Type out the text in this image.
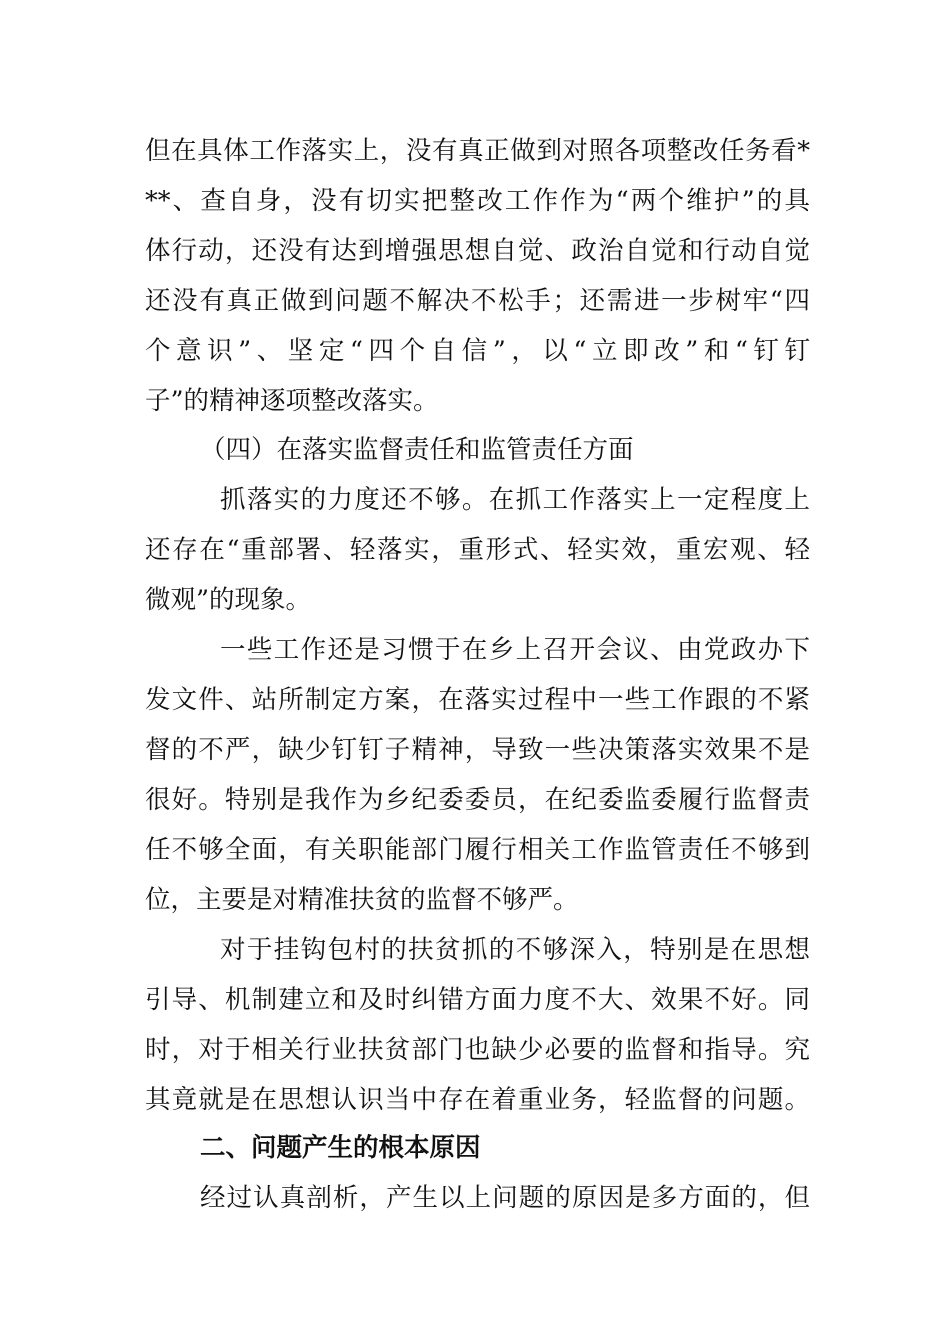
但在具体工作落实上，没有真正做到对照各项整改任务看*
**、查自身，没有切实把整改工作作为“两个维护”的具
体行动，还没有达到增强思想自觉、政治自觉和行动自觉
还没有真正做到问题不解决不松手；还需进一步树牢“四
个意识”、坚定“四个自信”，以“立即改”和“钉钉
子”的精神逐项整改落实。
（四）在落实监督责任和监管责任方面
抓落实的力度还不够。在抓工作落实上一定程度上
还存在“重部署、轻落实，重形式、轻实效，重宏观、轻
微观”的现象。
一些工作还是习惯于在乡上召开会议、由党政办下
发文件、站所制定方案，在落实过程中一些工作跟的不紧
督的不严，缺少钉钉子精神，导致一些决策落实效果不是
很好。特别是我作为乡纪委委员，在纪委监委履行监督责
任不够全面，有关职能部门履行相关工作监管责任不够到
位，主要是对精准扶贫的监督不够严。
对于挂钩包村的扶贫抓的不够深入，特别是在思想
引导、机制建立和及时纠错方面力度不大、效果不好。同
时，对于相关行业扶贫部门也缺少必要的监督和指导。究
其竟就是在思想认识当中存在着重业务，轻监督的问题。
二、问题产生的根本原因
经过认真剖析，产生以上问题的原因是多方面的，但
